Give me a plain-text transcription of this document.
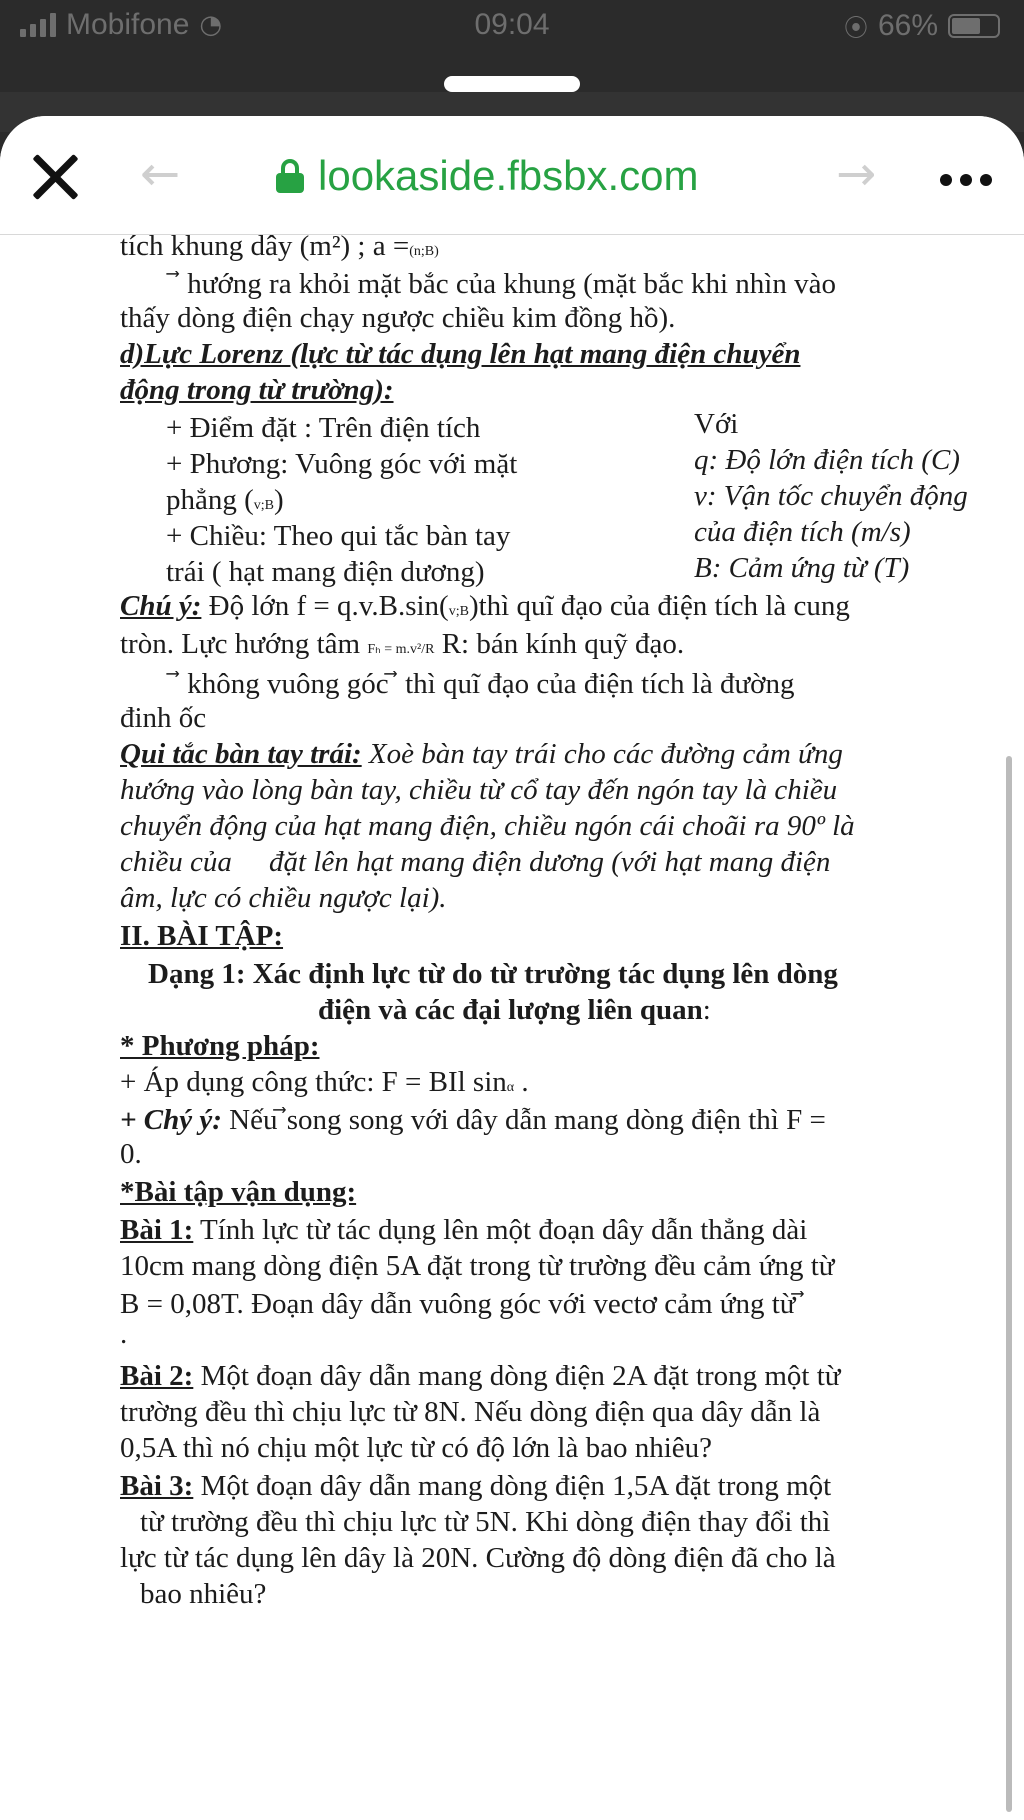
Mobifone ◔	09:04	⦿ 66%
←	lookaside.fbsbx.com	→
tích khung dây (m²) ; a =(n;B)
⃗ hướng ra khỏi mặt bắc của khung (mặt bắc khi nhìn vào
thấy dòng điện chạy ngược chiều kim đồng hồ).
d)Lực Lorenz (lực từ tác dụng lên hạt mang điện chuyển
động trong từ trường):
+ Điểm đặt : Trên điện tích	Với
+ Phương: Vuông góc với mặt	q: Độ lớn điện tích (C)
phẳng (v;B)	v: Vận tốc chuyển động
+ Chiều: Theo qui tắc bàn tay	của điện tích (m/s)
trái ( hạt mang điện dương)	B: Cảm ứng từ (T)
Chú ý: Độ lớn f = q.v.B.sin(v;B)thì quĩ đạo của điện tích là cung
tròn. Lực hướng tâm Fₕ = m.v²/R R: bán kính quỹ đạo.
⃗ không vuông góc ⃗ thì quĩ đạo của điện tích là đường
đinh ốc
Qui tắc bàn tay trái: Xoè bàn tay trái cho các đường cảm ứng
hướng vào lòng bàn tay, chiều từ cổ tay đến ngón tay là chiều
chuyển động của hạt mang điện, chiều ngón cái choãi ra 90º là
chiều của ⃗ đặt lên hạt mang điện dương (với hạt mang điện
âm, lực có chiều ngược lại).
II. BÀI TẬP:
Dạng 1: Xác định lực từ do từ trường tác dụng lên dòng
điện và các đại lượng liên quan:
* Phương pháp:
+ Áp dụng công thức: F = BIl sinα .
+ Chý ý: Nếu ⃗song song với dây dẫn mang dòng điện thì F =
0.
*Bài tập vận dụng:
Bài 1: Tính lực từ tác dụng lên một đoạn dây dẫn thẳng dài
10cm mang dòng điện 5A đặt trong từ trường đều cảm ứng từ
B = 0,08T. Đoạn dây dẫn vuông góc với vectơ cảm ứng từ ⃗
.
Bài 2: Một đoạn dây dẫn mang dòng điện 2A đặt trong một từ
trường đều thì chịu lực từ 8N. Nếu dòng điện qua dây dẫn là
0,5A thì nó chịu một lực từ có độ lớn là bao nhiêu?
Bài 3: Một đoạn dây dẫn mang dòng điện 1,5A đặt trong một
từ trường đều thì chịu lực từ 5N. Khi dòng điện thay đổi thì
lực từ tác dụng lên dây là 20N. Cường độ dòng điện đã cho là
bao nhiêu?
